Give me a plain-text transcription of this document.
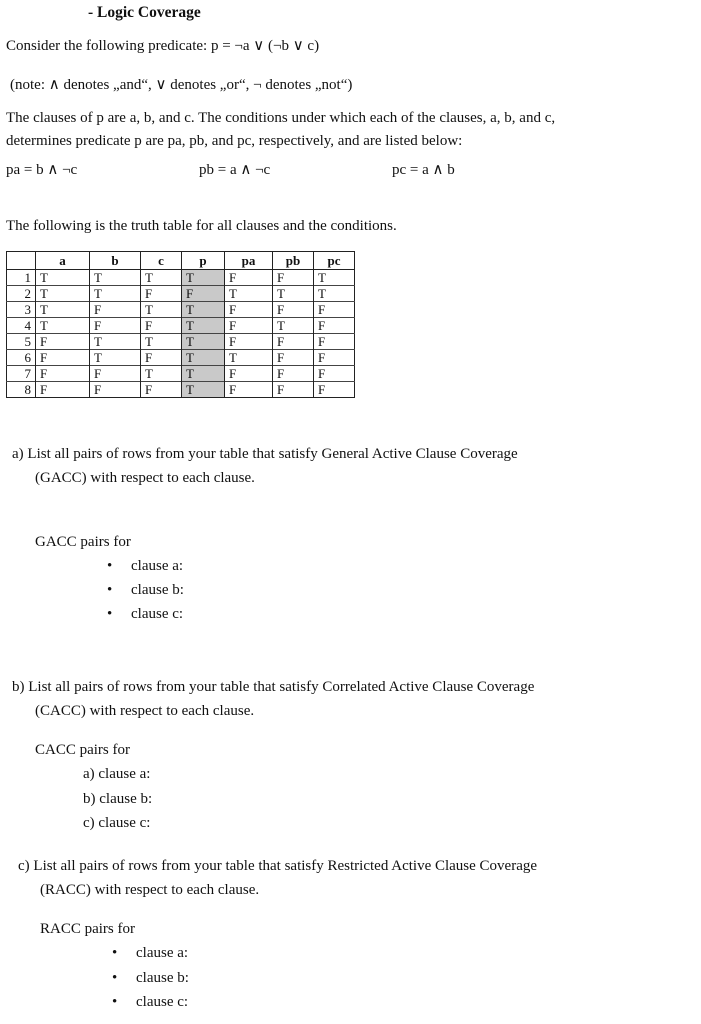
- Logic Coverage
Consider the following predicate: p = ¬a ∨ (¬b ∨ c)
(note: ∧ denotes „and“, ∨ denotes „or“, ¬ denotes „not“)
The clauses of p are a, b, and c. The conditions under which each of the clauses, a, b, and c,
determines predicate p are pa, pb, and pc, respectively, and are listed below:
pa = b ∧ ¬c	pb = a ∧ ¬c	pc = a ∧ b
The following is the truth table for all clauses and the conditions.
	a	b	c	p	pa	pb	pc
1	T	T	T	T	F	F	T
2	T	T	F	F	T	T	T
3	T	F	T	T	F	F	F
4	T	F	F	T	F	T	F
5	F	T	T	T	F	F	F
6	F	T	F	T	T	F	F
7	F	F	T	T	F	F	F
8	F	F	F	T	F	F	F
a) List all pairs of rows from your table that satisfy General Active Clause Coverage
(GACC) with respect to each clause.
GACC pairs for
• clause a:
• clause b:
• clause c:
b) List all pairs of rows from your table that satisfy Correlated Active Clause Coverage
(CACC) with respect to each clause.
CACC pairs for
a) clause a:
b) clause b:
c) clause c:
c) List all pairs of rows from your table that satisfy Restricted Active Clause Coverage
(RACC) with respect to each clause.
RACC pairs for
• clause a:
• clause b:
• clause c:
